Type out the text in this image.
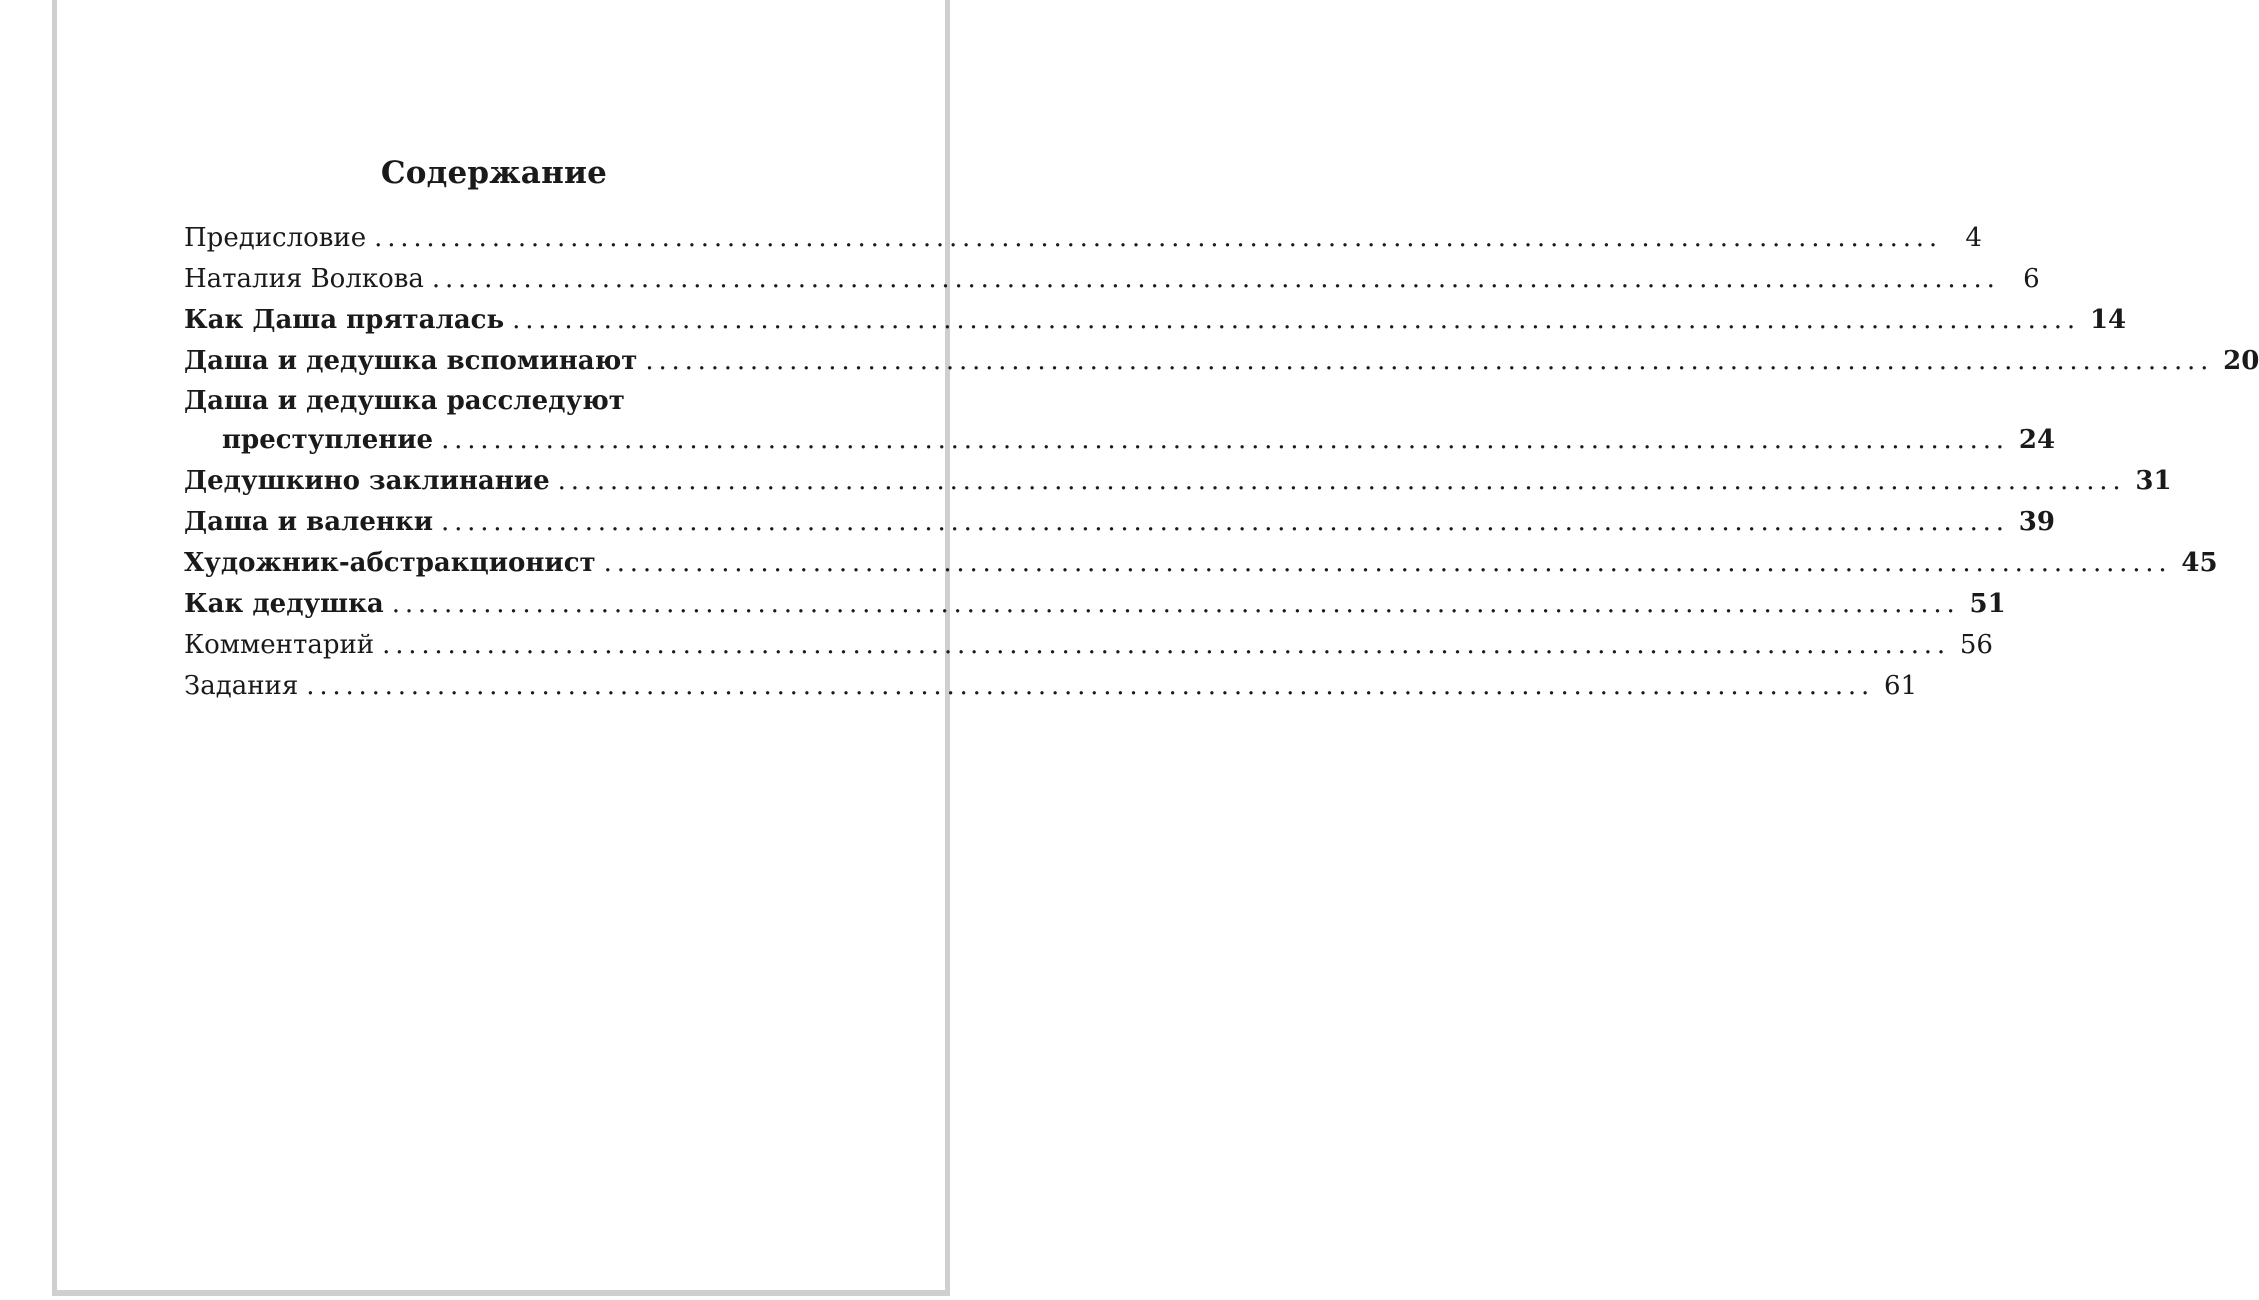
Содержание
Предисловие ........................................................................................................................ 4
Наталия Волкова ........................................................................................................................ 6
Как Даша пряталась ........................................................................................................................ 14
Даша и дедушка вспоминают ........................................................................................................................ 20
Даша и дедушка расследуют
преступление ........................................................................................................................ 24
Дедушкино заклинание ........................................................................................................................ 31
Даша и валенки ........................................................................................................................ 39
Художник-абстракционист ........................................................................................................................ 45
Как дедушка ........................................................................................................................ 51
Комментарий ........................................................................................................................ 56
Задания ........................................................................................................................ 61
